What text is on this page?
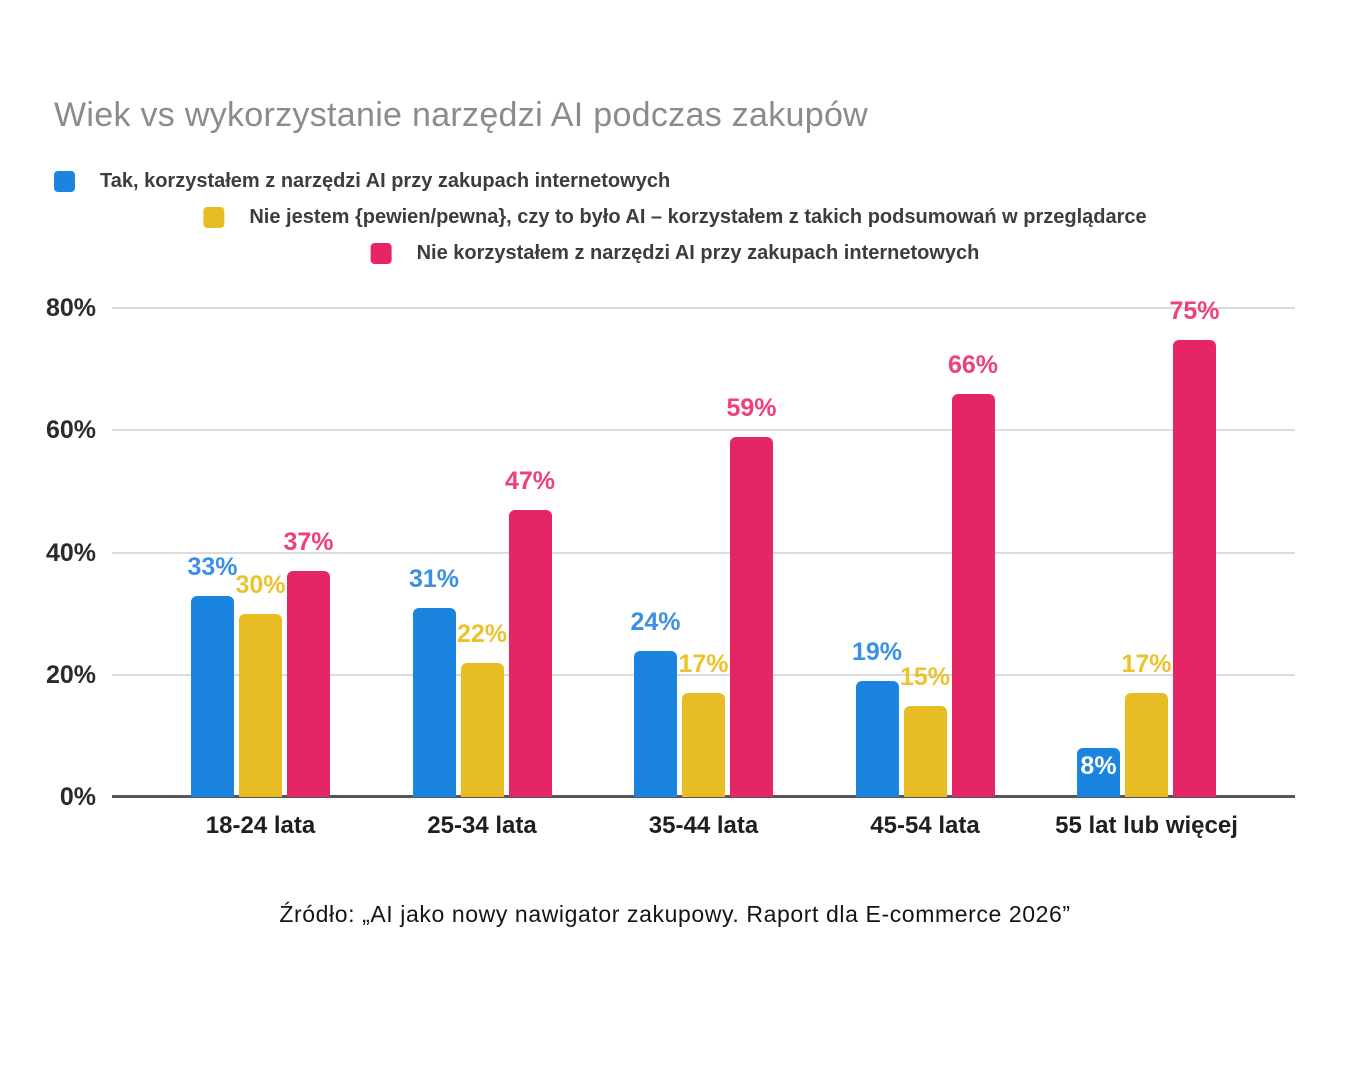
Wiek vs wykorzystanie narzędzi AI podczas zakupów
Tak, korzystałem z narzędzi AI przy zakupach internetowych
Nie jestem {pewien/pewna}, czy to było AI – korzystałem z takich podsumowań w przeglądarce
Nie korzystałem z narzędzi AI przy zakupach internetowych
80%
60%
40%
20%
0%
33%
30%
37%
18-24 lata
31%
22%
47%
25-34 lata
24%
17%
59%
35-44 lata
19%
15%
66%
45-54 lata
8%
17%
75%
55 lat lub więcej
Źródło: „AI jako nowy nawigator zakupowy. Raport dla E-commerce 2026”
